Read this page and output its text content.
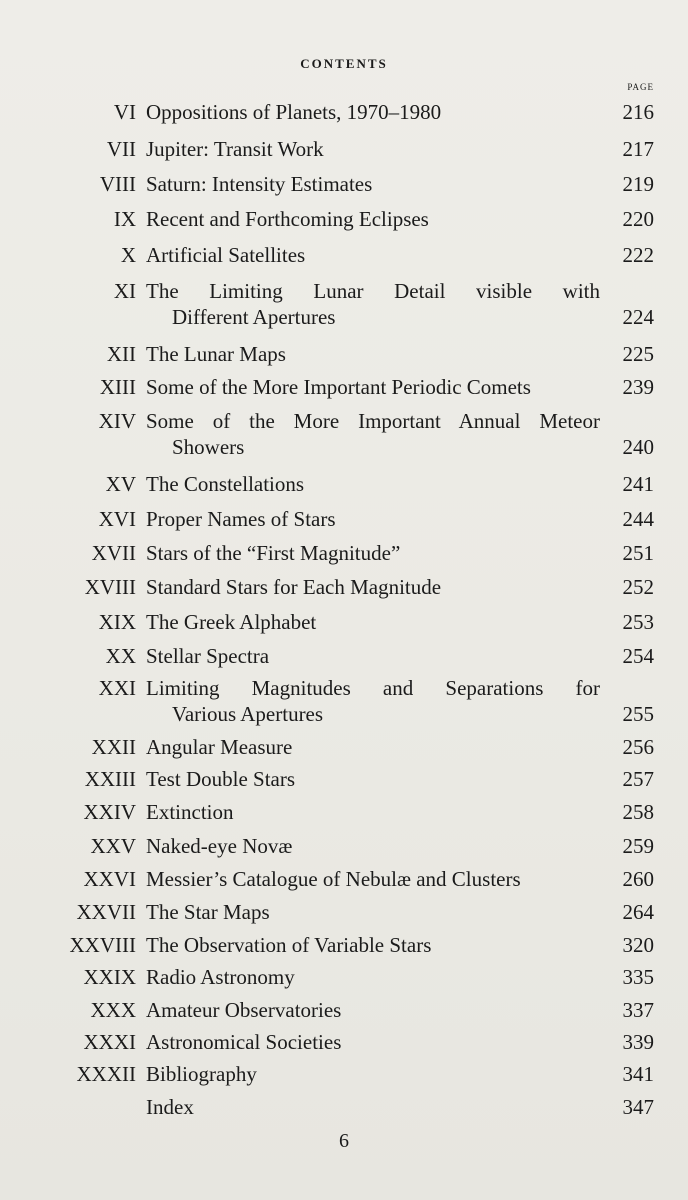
CONTENTS
PAGE
VI Oppositions of Planets, 1970–1980	216
VII Jupiter: Transit Work	217
VIII Saturn: Intensity Estimates	219
IX Recent and Forthcoming Eclipses	220
X Artificial Satellites	222
XI The Limiting Lunar Detail visible with
Different Apertures	224
XII The Lunar Maps	225
XIII Some of the More Important Periodic Comets	239
XIV Some of the More Important Annual Meteor
Showers	240
XV The Constellations	241
XVI Proper Names of Stars	244
XVII Stars of the “First Magnitude”	251
XVIII Standard Stars for Each Magnitude	252
XIX The Greek Alphabet	253
XX Stellar Spectra	254
XXI Limiting Magnitudes and Separations for
Various Apertures	255
XXII Angular Measure	256
XXIII Test Double Stars	257
XXIV Extinction	258
XXV Naked-eye Novæ	259
XXVI Messier’s Catalogue of Nebulæ and Clusters	260
XXVII The Star Maps	264
XXVIII The Observation of Variable Stars	320
XXIX Radio Astronomy	335
XXX Amateur Observatories	337
XXXI Astronomical Societies	339
XXXII Bibliography	341
Index	347
6
